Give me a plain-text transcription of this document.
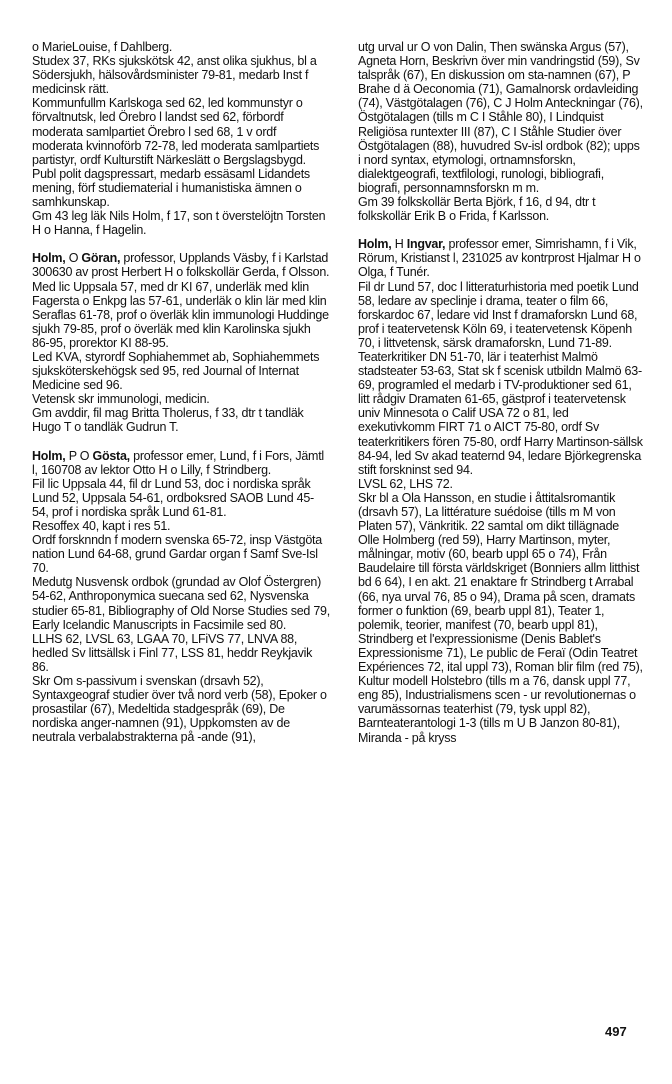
o MarieLouise, f Dahlberg.

Studex 37, RKs sjukskötsk 42, anst olika sjukhus, bl a Södersjukh, hälsovårdsminister 79-81, medarb Inst f medicinsk rätt.

Kommunfullm Karlskoga sed 62, led kommunstyr o förvaltnutsk, led Örebro l landst sed 62, förbordf moderata samlpartiet Örebro l sed 68, 1 v ordf moderata kvinnoförb 72-78, led moderata samlpartiets partistyr, ordf Kulturstift Närkeslätt o Bergslagsbygd.

Publ polit dagspressart, medarb essäsaml Lidandets mening, förf studiematerial i humanistiska ämnen o samhkunskap.

Gm 43 leg läk Nils Holm, f 17, son t överstelöjtn Torsten H o Hanna, f Hagelin.

Holm, O Göran, professor, Upplands Väsby, f i Karlstad 300630 av prost Herbert H o folkskollär Gerda, f Olsson.

Med lic Uppsala 57, med dr KI 67, underläk med klin Fagersta o Enkpg las 57-61, underläk o klin lär med klin Seraflas 61-78, prof o överläk klin immunologi Huddinge sjukh 79-85, prof o överläk med klin Karolinska sjukh 86-95, prorektor KI 88-95.

Led KVA, styrordf Sophiahemmet ab, Sophiahemmets sjuksköterskehögsk sed 95, red Journal of Internat Medicine sed 96.

Vetensk skr immunologi, medicin.

Gm avddir, fil mag Britta Tholerus, f 33, dtr t tandläk Hugo T o tandläk Gudrun T.

Holm, P O Gösta, professor emer, Lund, f i Fors, Jämtl l, 160708 av lektor Otto H o Lilly, f Strindberg.

Fil lic Uppsala 44, fil dr Lund 53, doc i nordiska språk Lund 52, Uppsala 54-61, ordboksred SAOB Lund 45-54, prof i nordiska språk Lund 61-81.

Resoffex 40, kapt i res 51.

Ordf forsknndn f modern svenska 65-72, insp Västgöta nation Lund 64-68, grund Gardar organ f Samf Sve-Isl 70.

Medutg Nusvensk ordbok (grundad av Olof Östergren) 54-62, Anthroponymica suecana sed 62, Nysvenska studier 65-81, Bibliography of Old Norse Studies sed 79, Early Icelandic Manuscripts in Facsimile sed 80.

LLHS 62, LVSL 63, LGAA 70, LFiVS 77, LNVA 88, hedled Sv littsällsk i Finl 77, LSS 81, heddr Reykjavik 86.

Skr Om s-passivum i svenskan (drsavh 52), Syntaxgeograf studier över två nord verb (58), Epoker o prosastilar (67), Medeltida stadgespråk (69), De nordiska anger-namnen (91), Uppkomsten av de neutrala verbalabstrakterna på -ande (91),

utg urval ur O von Dalin, Then swänska Argus (57), Agneta Horn, Beskrivn över min vandringstid (59), Sv talspråk (67), En diskussion om sta-namnen (67), P Brahe d ä Oeconomia (71), Gamalnorsk ordavleiding (74), Västgötalagen (76), C J Holm Anteckningar (76), Östgötalagen (tills m C I Ståhle 80), I Lindquist Religiösa runtexter III (87), C I Ståhle Studier över Östgötalagen (88), huvudred Sv-isl ordbok (82); upps i nord syntax, etymologi, ortnamnsforskn, dialektgeografi, textfilologi, runologi, bibliografi, biografi, personnamnsforskn m m.

Gm 39 folkskollär Berta Björk, f 16, d 94, dtr t folkskollär Erik B o Frida, f Karlsson.

Holm, H Ingvar, professor emer, Simrishamn, f i Vik, Rörum, Kristianst l, 231025 av kontrprost Hjalmar H o Olga, f Tunér.

Fil dr Lund 57, doc l litteraturhistoria med poetik Lund 58, ledare av speclinje i drama, teater o film 66, forskardoc 67, ledare vid Inst f dramaforskn Lund 68, prof i teatervetensk Köln 69, i teatervetensk Köpenh 70, i littvetensk, särsk dramaforskn, Lund 71-89.

Teaterkritiker DN 51-70, lär i teaterhist Malmö stadsteater 53-63, Stat sk f scenisk utbildn Malmö 63-69, programled el medarb i TV-produktioner sed 61, litt rådgiv Dramaten 61-65, gästprof i teatervetensk univ Minnesota o Calif USA 72 o 81, led exekutivkomm FIRT 71 o AICT 75-80, ordf Sv teaterkritikers fören 75-80, ordf Harry Martinson-sällsk 84-94, led Sv akad teaternd 94, ledare Björkegrenska stift forskninst sed 94.

LVSL 62, LHS 72.

Skr bl a Ola Hansson, en studie i åttitalsromantik (drsavh 57), La littérature suédoise (tills m M von Platen 57), Vänkritik. 22 samtal om dikt tillägnade Olle Holmberg (red 59), Harry Martinson, myter, målningar, motiv (60, bearb uppl 65 o 74), Från Baudelaire till första världskriget (Bonniers allm litthist bd 6 64), I en akt. 21 enaktare fr Strindberg t Arrabal (66, nya urval 76, 85 o 94), Drama på scen, dramats former o funktion (69, bearb uppl 81), Teater 1, polemik, teorier, manifest (70, bearb uppl 81), Strindberg et l'expressionisme (Denis Bablet's Expressionisme 71), Le public de Feraï (Odin Teatret Expériences 72, ital uppl 73), Roman blir film (red 75), Kultur modell Holstebro (tills m a 76, dansk uppl 77, eng 85), Industrialismens scen - ur revolutionernas o varumässornas teaterhist (79, tysk uppl 82), Barnteaterantologi 1-3 (tills m U B Janzon 80-81), Miranda - på kryss

497
